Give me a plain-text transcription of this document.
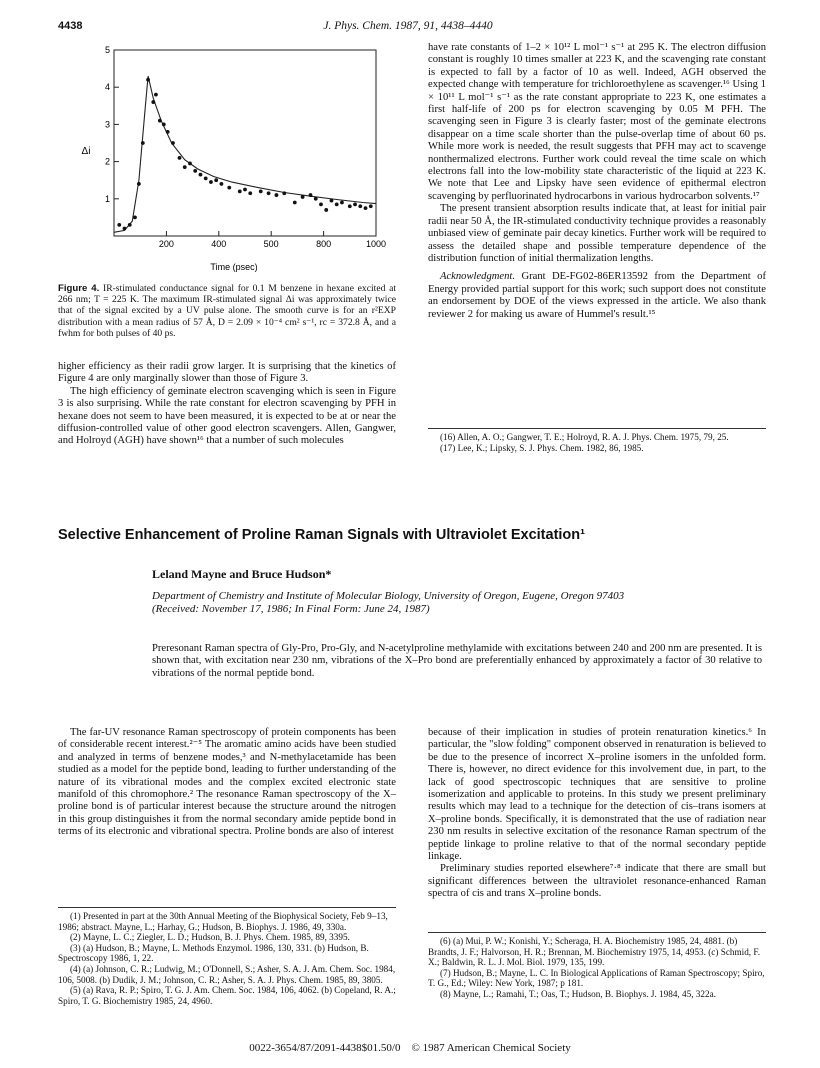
4438	J. Phys. Chem. 1987, 91, 4438–4440
1
2
3
4
5
200	400	500	800	1000
Δi
Time (psec)
Figure 4. IR-stimulated conductance signal for 0.1 M benzene in hexane excited at 266 nm; T = 225 K. The maximum IR-stimulated signal Δi was approximately twice that of the signal excited by a UV pulse alone. The smooth curve is for an r²EXP distribution with a mean radius of 57 Å, D = 2.09 × 10⁻⁴ cm² s⁻¹, rc = 372.8 Å, and a fwhm for both pulses of 40 ps.

higher efficiency as their radii grow larger. It is surprising that the kinetics of Figure 4 are only marginally slower than those of Figure 3.

The high efficiency of geminate electron scavenging which is seen in Figure 3 is also surprising. While the rate constant for electron scavenging by PFH in hexane does not seem to have been measured, it is expected to be at or near the diffusion-controlled value of other good electron scavengers. Allen, Gangwer, and Holroyd (AGH) have shown¹⁶ that a number of such molecules

have rate constants of 1–2 × 10¹² L mol⁻¹ s⁻¹ at 295 K. The electron diffusion constant is roughly 10 times smaller at 223 K, and the scavenging rate constant is expected to fall by a factor of 10 as well. Indeed, AGH observed the expected change with temperature for trichloroethylene as scavenger.¹⁶ Using 1 × 10¹¹ L mol⁻¹ s⁻¹ as the rate constant appropriate to 223 K, one estimates a first half-life of 200 ps for electron scavenging by 0.05 M PFH. The scavenging seen in Figure 3 is clearly faster; most of the geminate electrons disappear on a time scale shorter than the pulse-overlap time of about 60 ps. While more work is needed, the result suggests that PFH may act to scavenge nonthermalized electrons. Further work could reveal the time scale on which electrons fall into the low-mobility state characteristic of the liquid at 223 K. We note that Lee and Lipsky have seen evidence of epithermal electron scavenging by perfluorinated hydrocarbons in various hydrocarbon solvents.¹⁷

The present transient absorption results indicate that, at least for initial pair radii near 50 Å, the IR-stimulated conductivity technique provides a reasonably unbiased view of geminate pair decay kinetics. Further work will be required to assess the detailed shape and possible temperature dependence of the distribution function of initial thermalization lengths.

Acknowledgment. Grant DE-FG02-86ER13592 from the Department of Energy provided partial support for this work; such support does not constitute an endorsement by DOE of the views expressed in the article. We also thank reviewer 2 for making us aware of Hummel's result.¹⁵

(16) Allen, A. O.; Gangwer, T. E.; Holroyd, R. A. J. Phys. Chem. 1975, 79, 25.
(17) Lee, K.; Lipsky, S. J. Phys. Chem. 1982, 86, 1985.
Selective Enhancement of Proline Raman Signals with Ultraviolet Excitation¹
Leland Mayne and Bruce Hudson*
Department of Chemistry and Institute of Molecular Biology, University of Oregon, Eugene, Oregon 97403
(Received: November 17, 1986; In Final Form: June 24, 1987)
Preresonant Raman spectra of Gly-Pro, Pro-Gly, and N-acetylproline methylamide with excitations between 240 and 200 nm are presented. It is shown that, with excitation near 230 nm, vibrations of the X–Pro bond are preferentially enhanced by approximately a factor of 30 relative to vibrations of the normal peptide bond.

The far-UV resonance Raman spectroscopy of protein components has been of considerable recent interest.²⁻⁵ The aromatic amino acids have been studied and analyzed in terms of benzene modes,³ and N-methylacetamide has been studied as a model for the peptide bond, leading to further understanding of the nature of its vibrational modes and the complex excited electronic state manifold of this chromophore.² The resonance Raman spectroscopy of the X–proline bond is of particular interest because the structure around the nitrogen in this group distinguishes it from the normal secondary amide peptide bond in terms of its electronic and vibrational spectra. Proline bonds are also of interest

(1) Presented in part at the 30th Annual Meeting of the Biophysical Society, Feb 9–13, 1986; abstract. Mayne, L.; Harhay, G.; Hudson, B. Biophys. J. 1986, 49, 330a.
(2) Mayne, L. C.; Ziegler, L. D.; Hudson, B. J. Phys. Chem. 1985, 89, 3395.
(3) (a) Hudson, B.; Mayne, L. Methods Enzymol. 1986, 130, 331. (b) Hudson, B. Spectroscopy 1986, 1, 22.
(4) (a) Johnson, C. R.; Ludwig, M.; O'Donnell, S.; Asher, S. A. J. Am. Chem. Soc. 1984, 106, 5008. (b) Dudik, J. M.; Johnson, C. R.; Asher, S. A. J. Phys. Chem. 1985, 89, 3805.
(5) (a) Rava, R. P.; Spiro, T. G. J. Am. Chem. Soc. 1984, 106, 4062. (b) Copeland, R. A.; Spiro, T. G. Biochemistry 1985, 24, 4960.

because of their implication in studies of protein renaturation kinetics.⁶ In particular, the "slow folding" component observed in renaturation is believed to be due to the presence of incorrect X–proline isomers in the unfolded form. There is, however, no direct evidence for this involvement due, in part, to the lack of good spectroscopic techniques that are sensitive to proline isomerization and applicable to proteins. In this study we present preliminary results which may lead to a technique for the detection of cis–trans isomers at X–proline bonds. Specifically, it is demonstrated that the use of radiation near 230 nm results in selective excitation of the resonance Raman spectrum of the peptide linkage to proline relative to that of the normal secondary peptide linkage.

Preliminary studies reported elsewhere⁷·⁸ indicate that there are small but significant differences between the ultraviolet resonance-enhanced Raman spectra of cis and trans X–proline bonds.

(6) (a) Mui, P. W.; Konishi, Y.; Scheraga, H. A. Biochemistry 1985, 24, 4881. (b) Brandts, J. F.; Halvorson, H. R.; Brennan, M. Biochemistry 1975, 14, 4953. (c) Schmid, F. X.; Baldwin, R. L. J. Mol. Biol. 1979, 135, 199.
(7) Hudson, B.; Mayne, L. C. In Biological Applications of Raman Spectroscopy; Spiro, T. G., Ed.; Wiley: New York, 1987; p 181.
(8) Mayne, L.; Ramahi, T.; Oas, T.; Hudson, B. Biophys. J. 1984, 45, 322a.
0022-3654/87/2091-4438$01.50/0 © 1987 American Chemical Society
